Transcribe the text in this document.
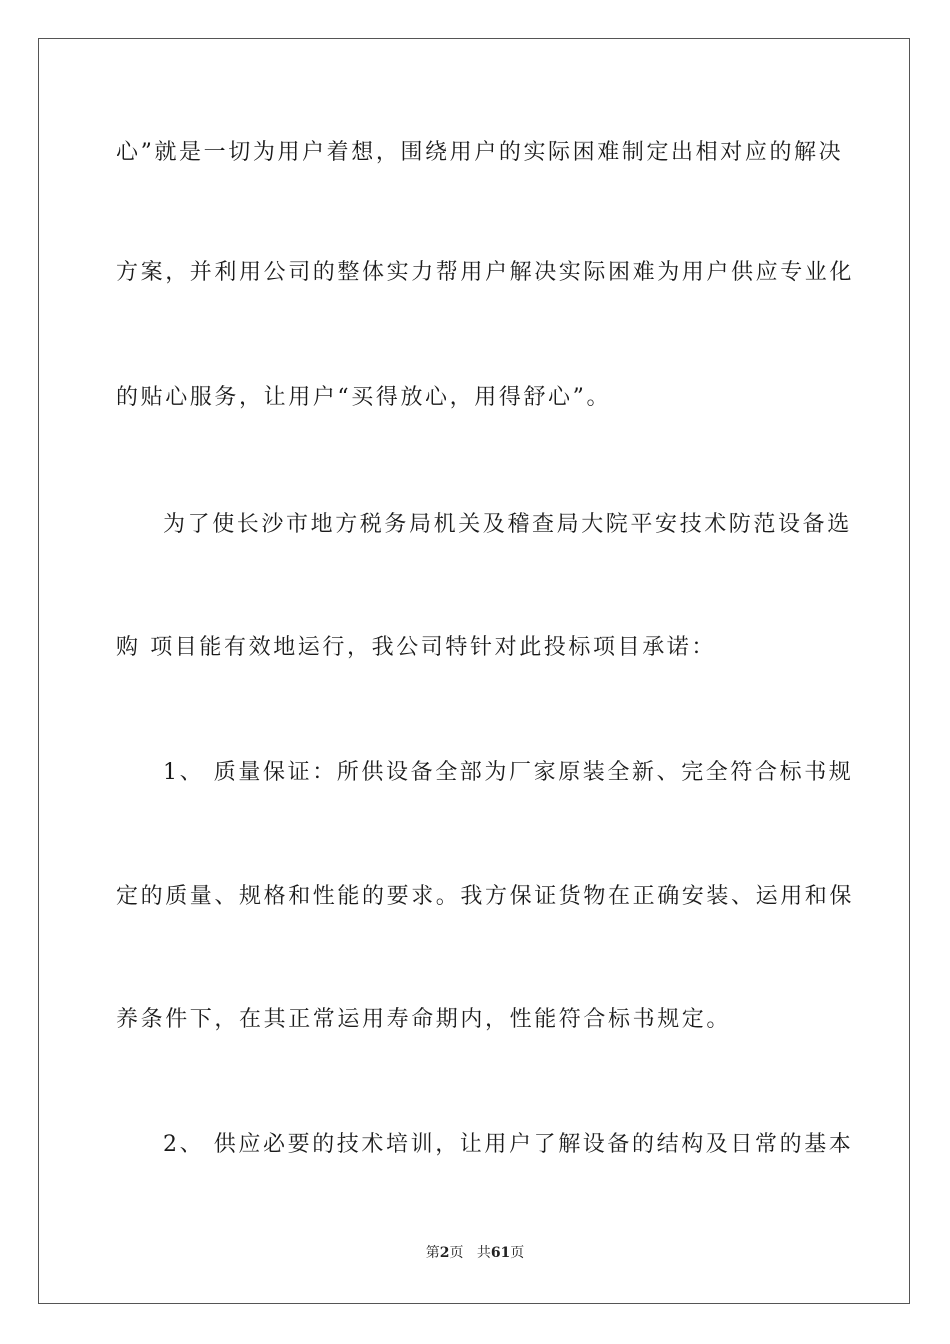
心”就是一切为用户着想，围绕用户的实际困难制定出相对应的解决
方案，并利用公司的整体实力帮用户解决实际困难为用户供应专业化
的贴心服务，让用户“买得放心，用得舒心”。
为了使长沙市地方税务局机关及稽查局大院平安技术防范设备选
购 项目能有效地运行，我公司特针对此投标项目承诺：
1、 质量保证：所供设备全部为厂家原装全新、完全符合标书规
定的质量、规格和性能的要求。我方保证货物在正确安装、运用和保
养条件下，在其正常运用寿命期内，性能符合标书规定。
2、 供应必要的技术培训，让用户了解设备的结构及日常的基本
第2页 共61页
